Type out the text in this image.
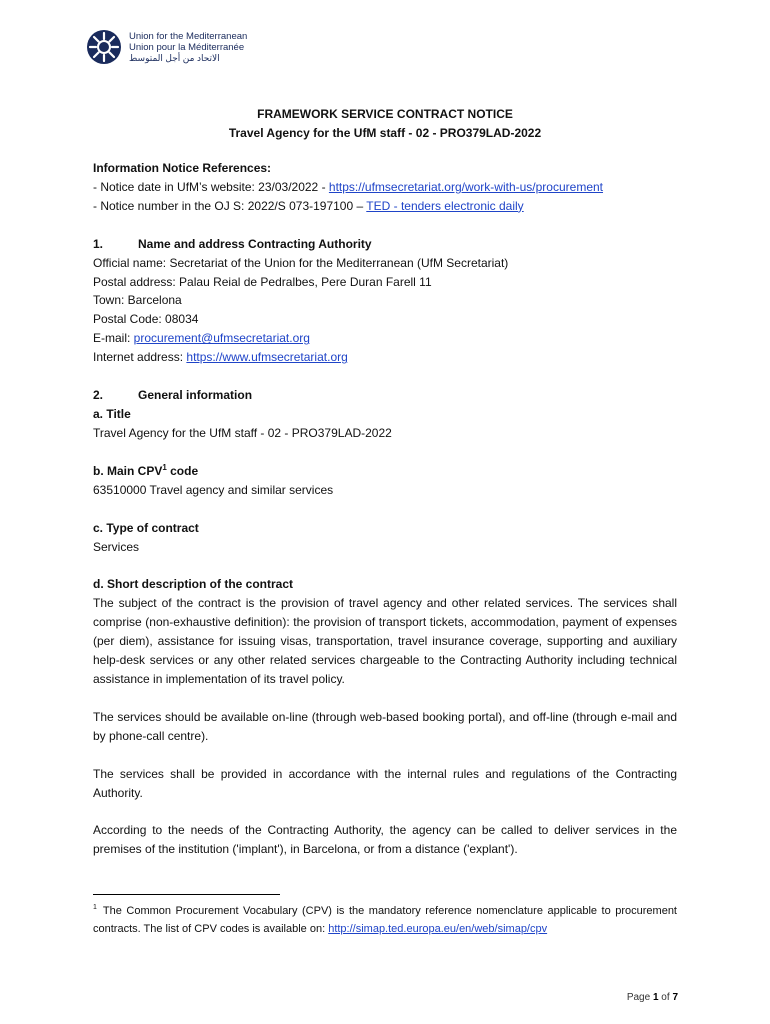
Union for the Mediterranean
Union pour la Méditerranée
الاتحاد من أجل المتوسط
FRAMEWORK SERVICE CONTRACT NOTICE
Travel Agency for the UfM staff - 02 - PRO379LAD-2022
Information Notice References:
- Notice date in UfM’s website: 23/03/2022 - https://ufmsecretariat.org/work-with-us/procurement
- Notice number in the OJ S: 2022/S 073-197100 – TED - tenders electronic daily
1.	Name and address Contracting Authority
Official name: Secretariat of the Union for the Mediterranean (UfM Secretariat)
Postal address: Palau Reial de Pedralbes, Pere Duran Farell 11
Town: Barcelona
Postal Code: 08034
E-mail: procurement@ufmsecretariat.org
Internet address: https://www.ufmsecretariat.org
2.	General information
a. Title
Travel Agency for the UfM staff - 02 - PRO379LAD-2022
b. Main CPV$^1$ code
63510000 Travel agency and similar services
c. Type of contract
Services
d. Short description of the contract
The subject of the contract is the provision of travel agency and other related services. The services shall comprise (non-exhaustive definition): the provision of transport tickets, accommodation, payment of expenses (per diem), assistance for issuing visas, transportation, travel insurance coverage, supporting and auxiliary help-desk services or any other related services chargeable to the Contracting Authority including technical assistance in implementation of its travel policy.
The services should be available on-line (through web-based booking portal), and off-line (through e-mail and by phone-call centre).
The services shall be provided in accordance with the internal rules and regulations of the Contracting Authority.
According to the needs of the Contracting Authority, the agency can be called to deliver services in the premises of the institution ('implant'), in Barcelona, or from a distance ('explant').
$^1$ The Common Procurement Vocabulary (CPV) is the mandatory reference nomenclature applicable to procurement contracts. The list of CPV codes is available on: http://simap.ted.europa.eu/en/web/simap/cpv
Page 1 of 7
